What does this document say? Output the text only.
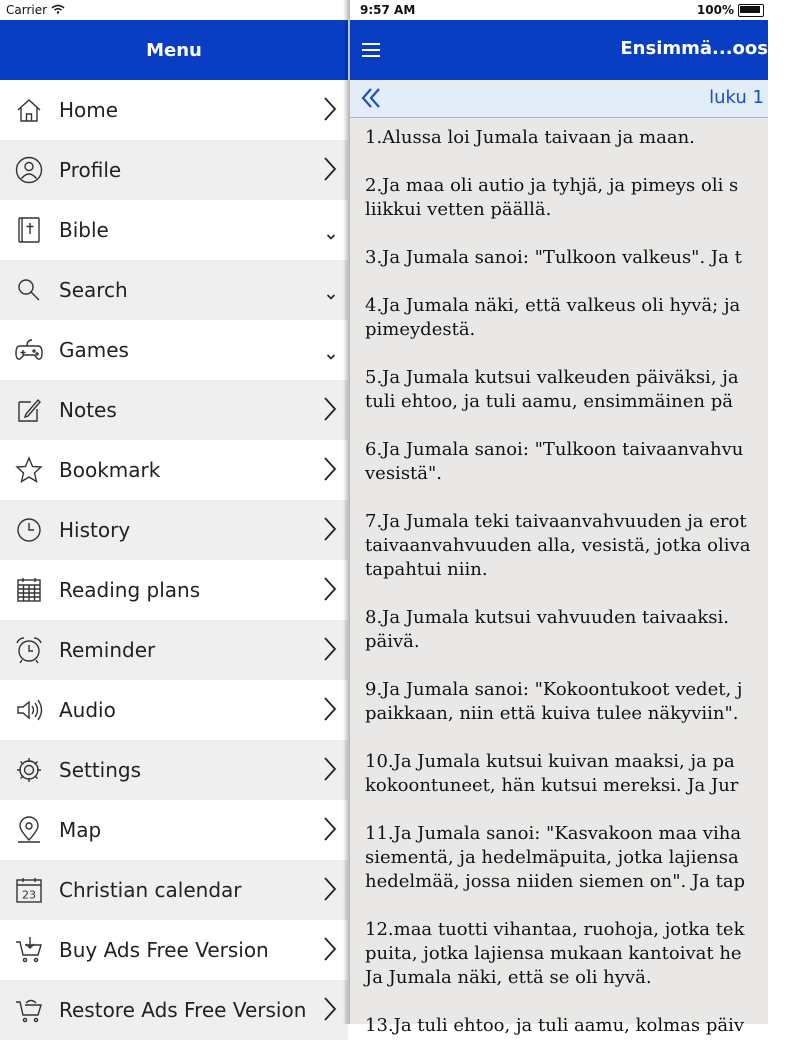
Carrier
Menu
Home
Profile
Bible
Search
Games
Notes
Bookmark
History
Reading plans
Reminder
Audio
Settings
Map
23 Christian calendar
Buy Ads Free Version
Restore Ads Free Version
9:57 AM	100%
Ensimmä...oos
luku 1
1.Alussa loi Jumala taivaan ja maan.
2.Ja maa oli autio ja tyhjä, ja pimeys oli s
liikkui vetten päällä.
3.Ja Jumala sanoi: "Tulkoon valkeus". Ja t
4.Ja Jumala näki, että valkeus oli hyvä; ja
pimeydestä.
5.Ja Jumala kutsui valkeuden päiväksi, ja
tuli ehtoo, ja tuli aamu, ensimmäinen pä
6.Ja Jumala sanoi: "Tulkoon taivaanvahvu
vesistä".
7.Ja Jumala teki taivaanvahvuuden ja erot
taivaanvahvuuden alla, vesistä, jotka oliva
tapahtui niin.
8.Ja Jumala kutsui vahvuuden taivaaksi.
päivä.
9.Ja Jumala sanoi: "Kokoontukoot vedet, j
paikkaan, niin että kuiva tulee näkyviin".
10.Ja Jumala kutsui kuivan maaksi, ja pa
kokoontuneet, hän kutsui mereksi. Ja Jur
11.Ja Jumala sanoi: "Kasvakoon maa viha
siementä, ja hedelmäpuita, jotka lajiensa
hedelmää, jossa niiden siemen on". Ja tap
12.maa tuotti vihantaa, ruohoja, jotka tek
puita, jotka lajiensa mukaan kantoivat he
Ja Jumala näki, että se oli hyvä.
13.Ja tuli ehtoo, ja tuli aamu, kolmas päiv
